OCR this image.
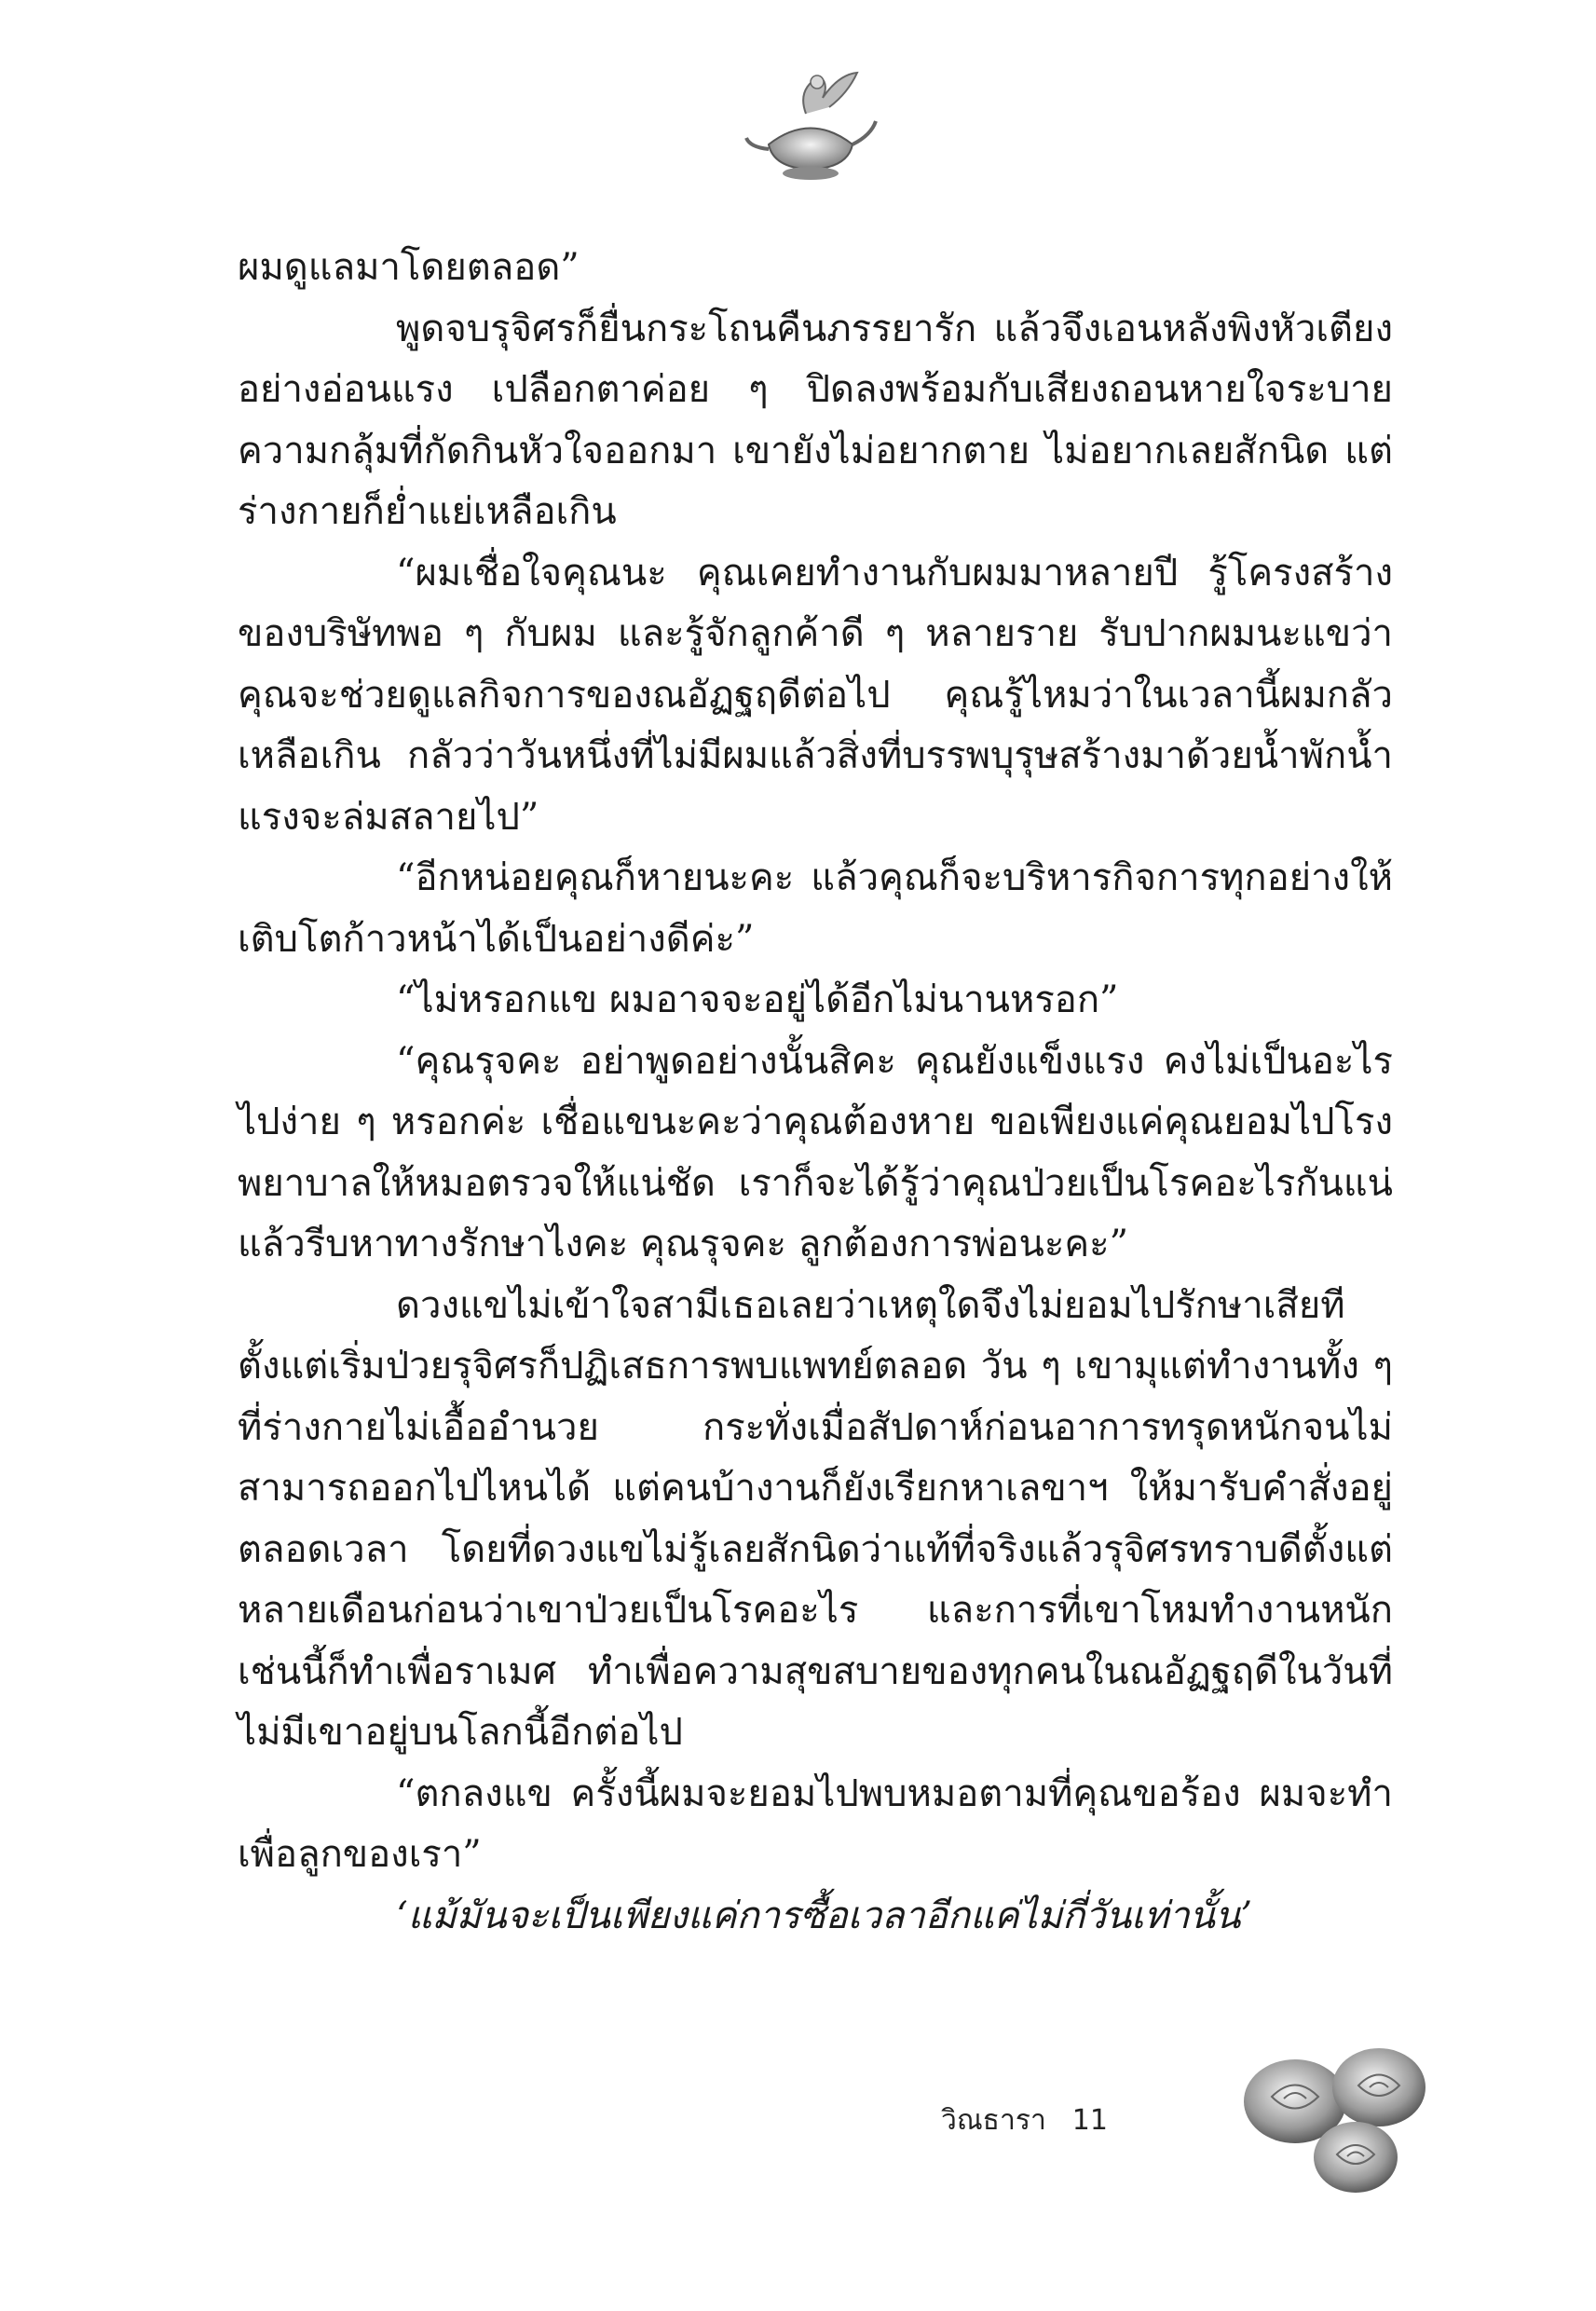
ผมดูแลมาโดยตลอด”

พูดจบรุจิศรก็ยื่นกระโถนคืนภรรยารัก แล้วจึงเอนหลังพิงหัวเตียงอย่างอ่อนแรง เปลือกตาค่อย ๆ ปิดลงพร้อมกับเสียงถอนหายใจระบายความกลุ้มที่กัดกินหัวใจออกมา เขายังไม่อยากตาย ไม่อยากเลยสักนิด แต่ร่างกายก็ย่ำแย่เหลือเกิน

“ผมเชื่อใจคุณนะ คุณเคยทำงานกับผมมาหลายปี รู้โครงสร้างของบริษัทพอ ๆ กับผม และรู้จักลูกค้าดี ๆ หลายราย รับปากผมนะแขว่าคุณจะช่วยดูแลกิจการของณอัฏฐฤดีต่อไป คุณรู้ไหมว่าในเวลานี้ผมกลัวเหลือเกิน กลัวว่าวันหนึ่งที่ไม่มีผมแล้วสิ่งที่บรรพบุรุษสร้างมาด้วยน้ำพักน้ำแรงจะล่มสลายไป”

“อีกหน่อยคุณก็หายนะคะ แล้วคุณก็จะบริหารกิจการทุกอย่างให้เติบโตก้าวหน้าได้เป็นอย่างดีค่ะ”

“ไม่หรอกแข ผมอาจจะอยู่ได้อีกไม่นานหรอก”

“คุณรุจคะ อย่าพูดอย่างนั้นสิคะ คุณยังแข็งแรง คงไม่เป็นอะไรไปง่าย ๆ หรอกค่ะ เชื่อแขนะคะว่าคุณต้องหาย ขอเพียงแค่คุณยอมไปโรงพยาบาลให้หมอตรวจให้แน่ชัด เราก็จะได้รู้ว่าคุณป่วยเป็นโรคอะไรกันแน่ แล้วรีบหาทางรักษาไงคะ คุณรุจคะ ลูกต้องการพ่อนะคะ”

ดวงแขไม่เข้าใจสามีเธอเลยว่าเหตุใดจึงไม่ยอมไปรักษาเสียทีตั้งแต่เริ่มป่วยรุจิศรก็ปฏิเสธการพบแพทย์ตลอด วัน ๆ เขามุแต่ทำงานทั้ง ๆ ที่ร่างกายไม่เอื้ออำนวย กระทั่งเมื่อสัปดาห์ก่อนอาการทรุดหนักจนไม่สามารถออกไปไหนได้ แต่คนบ้างานก็ยังเรียกหาเลขาฯ ให้มารับคำสั่งอยู่ตลอดเวลา โดยที่ดวงแขไม่รู้เลยสักนิดว่าแท้ที่จริงแล้วรุจิศรทราบดีตั้งแต่หลายเดือนก่อนว่าเขาป่วยเป็นโรคอะไร และการที่เขาโหมทำงานหนักเช่นนี้ก็ทำเพื่อราเมศ ทำเพื่อความสุขสบายของทุกคนในณอัฏฐฤดีในวันที่ไม่มีเขาอยู่บนโลกนี้อีกต่อไป

“ตกลงแข ครั้งนี้ผมจะยอมไปพบหมอตามที่คุณขอร้อง ผมจะทำเพื่อลูกของเรา”

‘แม้มันจะเป็นเพียงแค่การซื้อเวลาอีกแค่ไม่กี่วันเท่านั้น’

วิณธารา 11
